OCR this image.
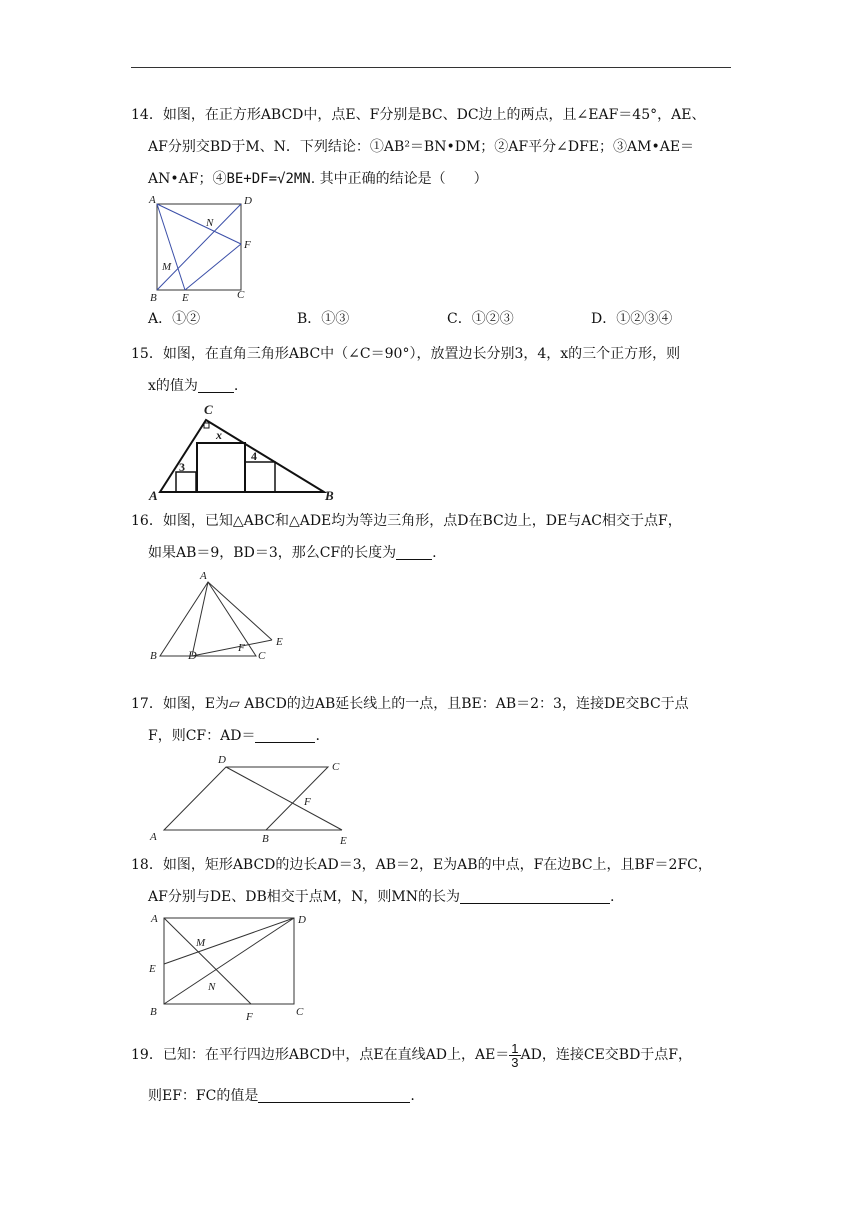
14．如图，在正方形ABCD中，点E、F分别是BC、DC边上的两点，且∠EAF＝45°，AE、
AF分别交BD于M、N．下列结论：①AB²＝BN•DM；②AF平分∠DFE；③AM•AE＝
AN•AF；④BE+DF=√2MN. 其中正确的结论是（　　）
A	D
F
B E	C
M
N
A．①②	B．①③	C．①②③	D．①②③④
15．如图，在直角三角形ABC中（∠C＝90°），放置边长分别3，4，x的三个正方形，则
x的值为	.
C
A	B
3
4
x
16．如图，已知△ABC和△ADE均为等边三角形，点D在BC边上，DE与AC相交于点F，
如果AB＝9，BD＝3，那么CF的长度为	.
A
B	D	C
E
F
17．如图，E为▱ ABCD的边AB延长线上的一点，且BE：AB＝2：3，连接DE交BC于点
F，则CF：AD＝	.
D
C
A	B	E
F
18．如图，矩形ABCD的边长AD＝3，AB＝2，E为AB的中点，F在边BC上，且BF＝2FC，
AF分别与DE、DB相交于点M，N，则MN的长为	.
A	D
E
B	C
F
M
N
19．已知：在平行四边形ABCD中，点E在直线AD上，$AE= \frac{1}{3}$ AD，连接CE交BD于点F，
则EF：FC的值是	.
